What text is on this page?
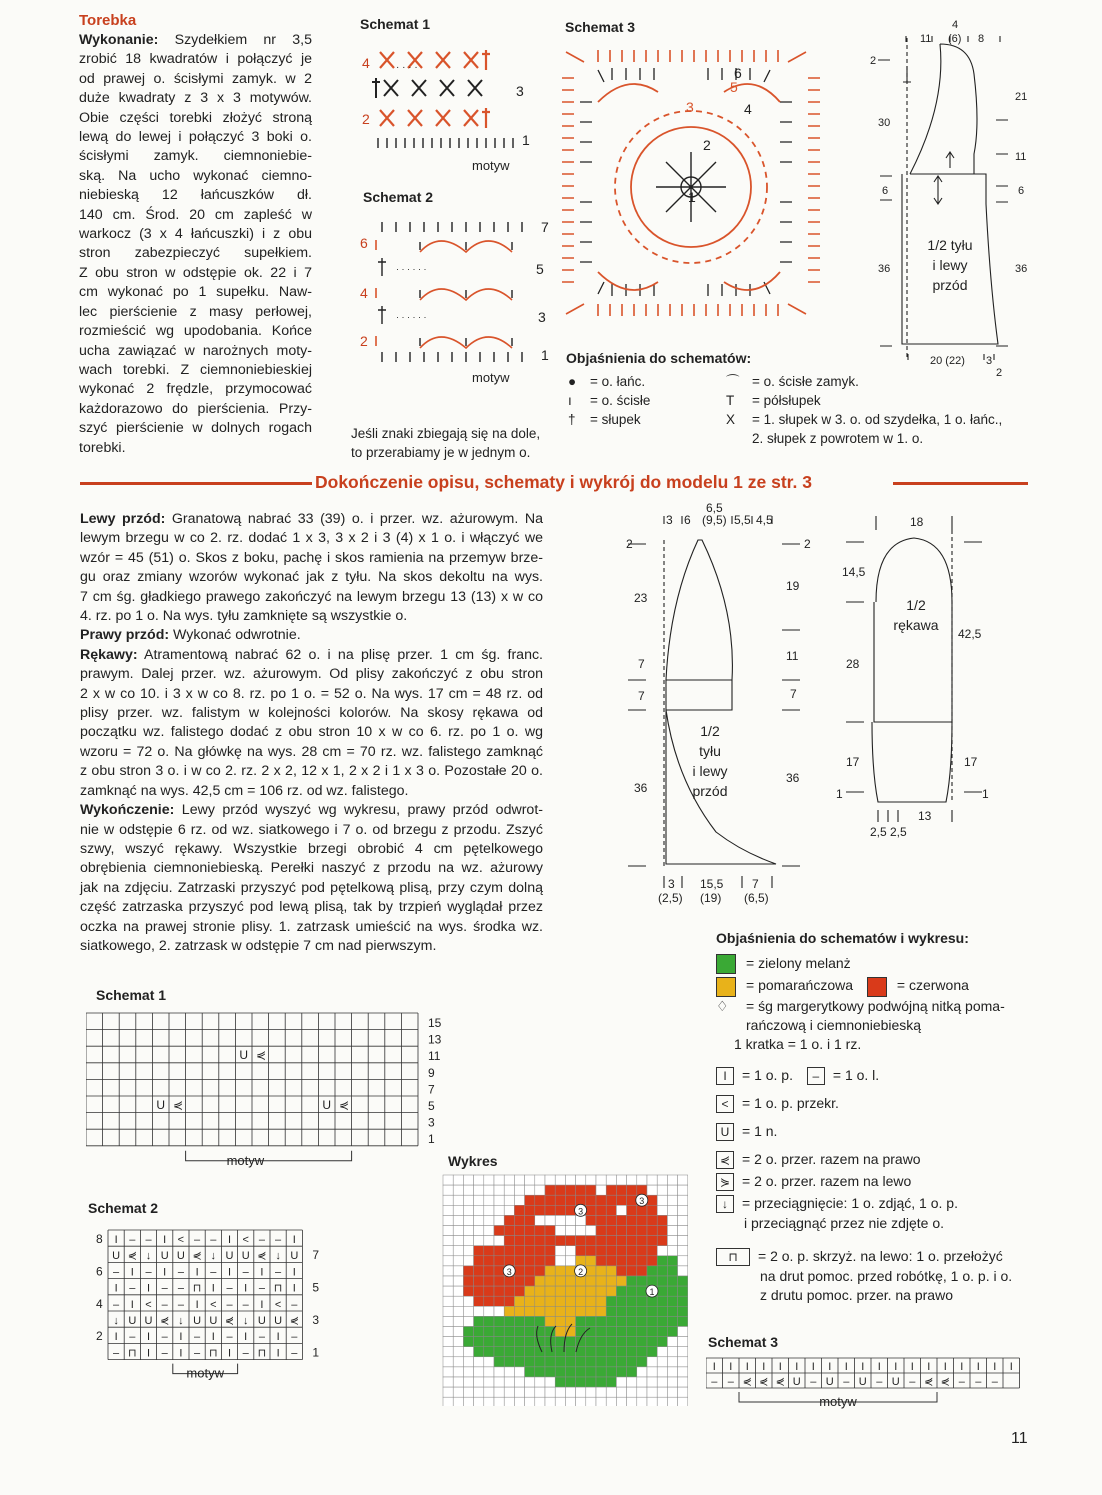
Torebka
Wykonanie: Szydełkiem nr 3,5
zrobić 18 kwadratów i połączyć je
od prawej o. ścisłymi zamyk. w 2
duże kwadraty z 3 x 3 motywów.
Obie części torebki złożyć stroną
lewą do lewej i połączyć 3 boki o.
ścisłymi zamyk. ciemnoniebie-
ską. Na ucho wykonać ciemno-
niebieską 12 łańcuszków dł.
140 cm. Środ. 20 cm zapleść w
warkocz (3 x 4 łańcuszki) i z obu
stron zabezpieczyć supełkiem.
Z obu stron w odstępie ok. 22 i 7
cm wykonać po 1 supełku. Naw-
lec pierścienie z masy perłowej,
rozmieścić wg upodobania. Końce
ucha zawiązać w narożnych moty-
wach torebki. Z ciemnoniebieskiej
wykonać 2 frędzle, przymocować
każdorazowo do pierścienia. Przy-
szyć pierścienie w dolnych rogach
torebki.
Schemat 1
4
3
2
1
· · · ·
motyw
Schemat 2
7
6
5
4
3
2
1
· · · · · ·
· · · · · ·
motyw
Schemat 3
3
2
4
5
6
1
Objaśnienia do schematów:
● = o. łańc.
ı = o. ścisłe
† = słupek
⌒ = o. ścisłe zamyk.
T = półsłupek
X = 1. słupek w 3. o. od szydełka, 1 o. łańc.,
2. słupek z powrotem w 1. o.
Jeśli znaki zbiegają się na dole,
to przerabiamy je w jednym o.
11
4
(6) 8
2
30
6
36
21
11
6
36
20 (22) 3
2
1/2 tyłu
i lewy
przód
Dokończenie opisu, schematy i wykrój do modelu 1 ze str. 3
Lewy przód: Granatową nabrać 33 (39) o. i przer. wz. ażurowym. Na
lewym brzegu w co 2. rz. dodać 1 x 3, 3 x 2 i 3 (4) x 1 o. i włączyć we
wzór = 45 (51) o. Skos z boku, pachę i skos ramienia na przemyw brze-
gu oraz zmiany wzorów wykonać jak z tyłu. Na skos dekoltu na wys.
7 cm śg. gładkiego prawego zakończyć na lewym brzegu 13 (13) x w co
4. rz. po 1 o. Na wys. tyłu zamknięte są wszystkie o.
Prawy przód: Wykonać odwrotnie.
Rękawy: Atramentową nabrać 62 o. i na plisę przer. 1 cm śg. franc.
prawym. Dalej przer. wz. ażurowym. Od plisy zakończyć z obu stron
2 x w co 10. i 3 x w co 8. rz. po 1 o. = 52 o. Na wys. 17 cm = 48 rz. od
plisy przer. wz. falistym w kolejności kolorów. Na skosy rękawa od
początku wz. falistego dodać z obu stron 10 x w co 6. rz. po 1 o. wg
wzoru = 72 o. Na główkę na wys. 28 cm = 70 rz. wz. falistego zamknąć
z obu stron 3 o. i w co 2. rz. 2 x 2, 12 x 1, 2 x 2 i 1 x 3 o. Pozostałe 20 o.
zamknąć na wys. 42,5 cm = 106 rz. od wz. falistego.
Wykończenie: Lewy przód wyszyć wg wykresu, prawy przód odwrot-
nie w odstępie 6 rz. od wz. siatkowego i 7 o. od brzegu z przodu. Zszyć
szwy, wszyć rękawy. Wszystkie brzegi obrobić 4 cm pętelkowego
obrębienia ciemnoniebieską. Perełki naszyć z przodu na wz. ażurowy
jak na zdjęciu. Zatrzaski przyszyć pod pętelkową plisą, przy czym dolną
część zatrzaska przyszyć pod lewą plisą, tak by trzpień wyglądał przez
oczka na prawej stronie plisy. 1. zatrzask umieścić na wys. środka wz.
siatkowego, 2. zatrzask w odstępie 7 cm nad pierwszym.
6,5
3 6 (9,5) 5,5 4,5
2
23
7
7
36
2
19
11
7
36
3
(2,5)
15,5
(19)
7
(6,5)
1/2
tyłu
i lewy
przód
18
14,5
28
17
1
42,5
17
1
2,5 2,5
13
1/2
rękawa
Schemat 1
U ⋞
U ⋞	U ⋞
15
13
11
9
7
5
3
1
motyw
Schemat 2
I – – I < – – I < – – I
U ⋞ ↓ U U ⋞ ↓ U U ⋞ ↓ U
– I – I – I – I – I – I
I – I – – ⊓ I – I – ⊓ I
– I < – – I < – – I < –
↓ U U ⋞ ↓ U U ⋞ ↓ U U ⋞
I – I – I – I – I – I –
– ⊓ I – I – ⊓ I – ⊓ I –
8
6
4
2
7
5
3
1
motyw
Wykres
3
3
3	2
1
Objaśnienia do schematów i wykresu:
= zielony melanż
= pomarańczowa	= czerwona
♢ = śg margerytkowy podwójną nitką poma-
rańczową i ciemnoniebieską
1 kratka = 1 o. i 1 rz.
I = 1 o. p. – = 1 o. l.
< = 1 o. p. przekr.
U = 1 n.
⋞ = 2 o. przer. razem na prawo
⋟ = 2 o. przer. razem na lewo
↓ = przeciągnięcie: 1 o. zdjąć, 1 o. p.
i przeciągnąć przez nie zdjęte o.
⊓ = 2 o. p. skrzyż. na lewo: 1 o. przełożyć
na drut pomoc. przed robótkę, 1 o. p. i o.
z drutu pomoc. przer. na prawo
Schemat 3
I I I I I I I I I I I I I I I I I I I
– – ⋞ ⋞ ⋞ U – U – U – U – ⋞ ⋞ – – –
motyw
11
